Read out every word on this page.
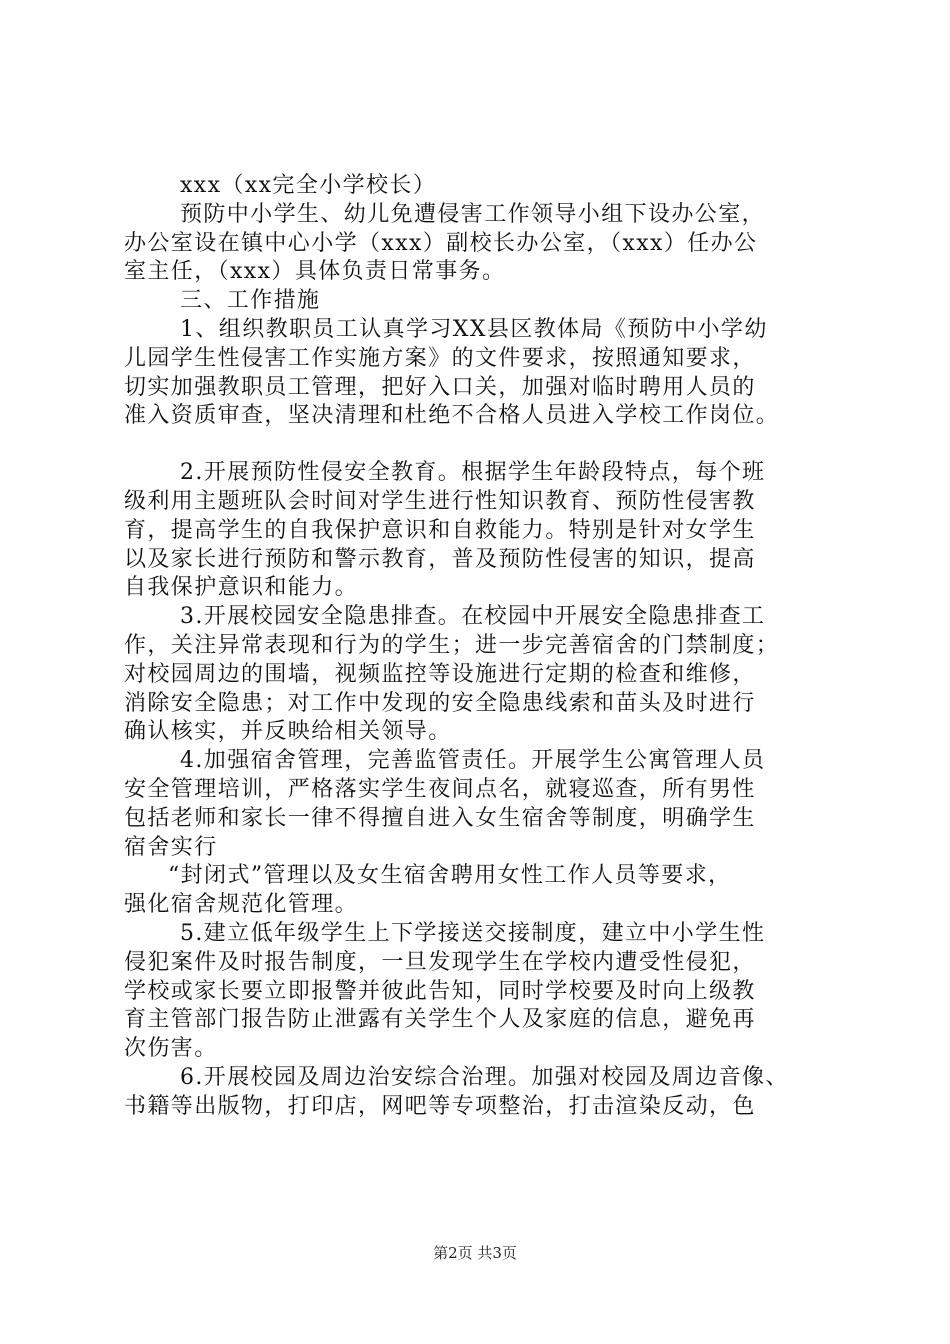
xxx（xx完全小学校长）
预防中小学生、幼儿免遭侵害工作领导小组下设办公室，
办公室设在镇中心小学（xxx）副校长办公室，（xxx）任办公
室主任，（xxx）具体负责日常事务。
三、工作措施
1、组织教职员工认真学习XX县区教体局《预防中小学幼
儿园学生性侵害工作实施方案》的文件要求，按照通知要求，
切实加强教职员工管理，把好入口关，加强对临时聘用人员的
准入资质审查，坚决清理和杜绝不合格人员进入学校工作岗位。
2.开展预防性侵安全教育。根据学生年龄段特点，每个班
级利用主题班队会时间对学生进行性知识教育、预防性侵害教
育，提高学生的自我保护意识和自救能力。特别是针对女学生
以及家长进行预防和警示教育，普及预防性侵害的知识，提高
自我保护意识和能力。
3.开展校园安全隐患排查。在校园中开展安全隐患排查工
作，关注异常表现和行为的学生；进一步完善宿舍的门禁制度；
对校园周边的围墙，视频监控等设施进行定期的检查和维修，
消除安全隐患；对工作中发现的安全隐患线索和苗头及时进行
确认核实，并反映给相关领导。
4.加强宿舍管理，完善监管责任。开展学生公寓管理人员
安全管理培训，严格落实学生夜间点名，就寝巡查，所有男性
包括老师和家长一律不得擅自进入女生宿舍等制度，明确学生
宿舍实行
“封闭式”管理以及女生宿舍聘用女性工作人员等要求，
强化宿舍规范化管理。
5.建立低年级学生上下学接送交接制度，建立中小学生性
侵犯案件及时报告制度，一旦发现学生在学校内遭受性侵犯，
学校或家长要立即报警并彼此告知，同时学校要及时向上级教
育主管部门报告防止泄露有关学生个人及家庭的信息，避免再
次伤害。
6.开展校园及周边治安综合治理。加强对校园及周边音像、
书籍等出版物，打印店，网吧等专项整治，打击渲染反动，色
第2页 共3页
